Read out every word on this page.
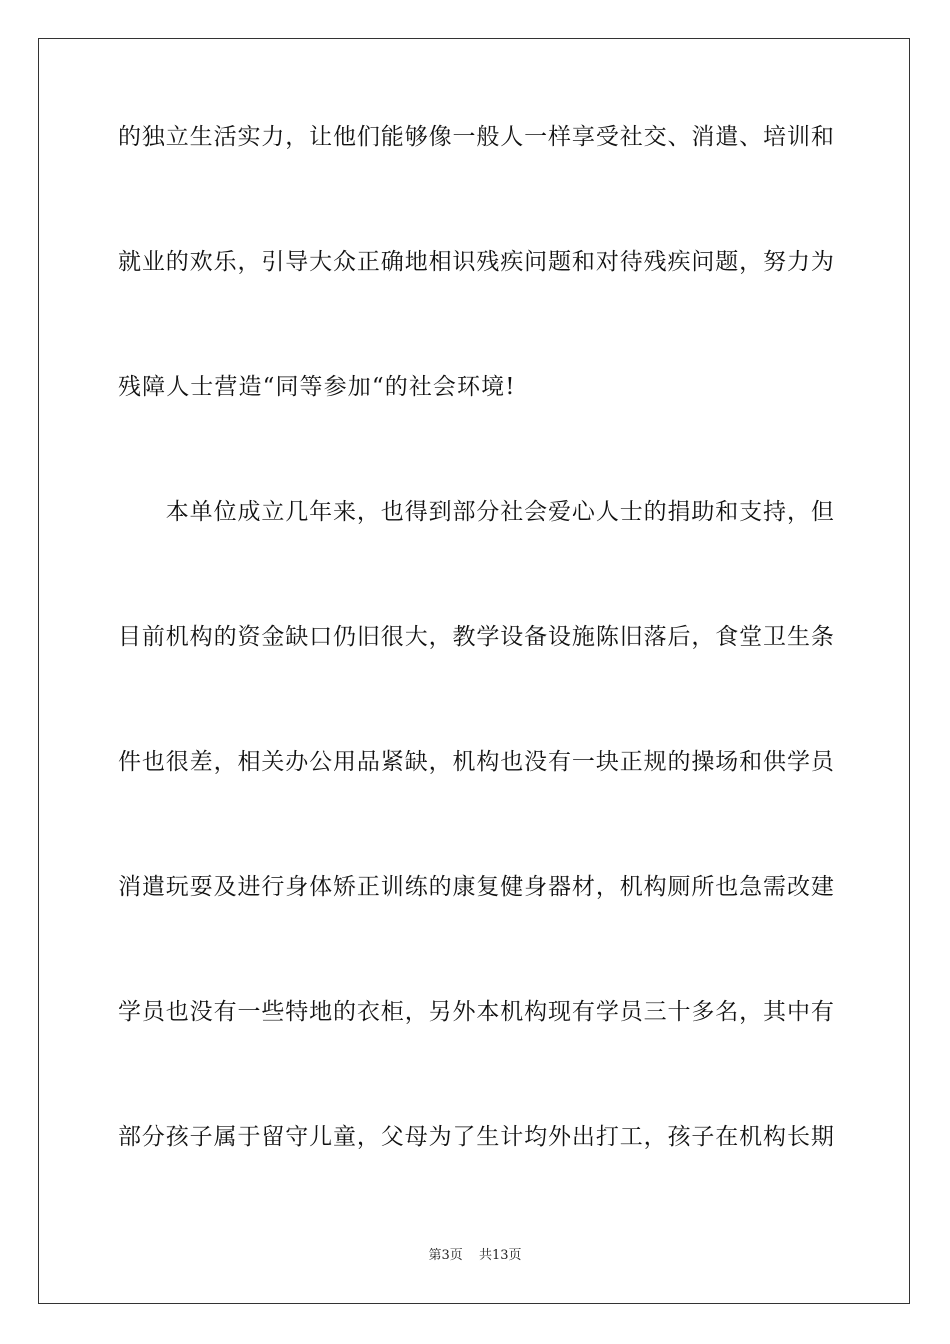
的 独 立 生 活 实 力 ， 让 他 们 能 够 像 一 般 人 一 样 享 受 社 交 、 消 遣 、 培 训 和

就 业 的 欢 乐 ， 引 导 大 众 正 确 地 相 识 残 疾 问 题 和 对 待 残 疾 问 题 ， 努 力 为

残障人士营造“同等参加“的社会环境!

本 单 位 成 立 几 年 来 ， 也 得 到 部 分 社 会 爱 心 人 士 的 捐 助 和 支 持 ， 但

目 前 机 构 的 资 金 缺 口 仍 旧 很 大 ， 教 学 设 备 设 施 陈 旧 落 后 ， 食 堂 卫 生 条

件 也 很 差 ， 相 关 办 公 用 品 紧 缺 ， 机 构 也 没 有 一 块 正 规 的 操 场 和 供 学 员

消 遣 玩 耍 及 进 行 身 体 矫 正 训 练 的 康 复 健 身 器 材 ， 机 构 厕 所 也 急 需 改 建

学 员 也 没 有 一 些 特 地 的 衣 柜 ， 另 外 本 机 构 现 有 学 员 三 十 多 名 ， 其 中 有

部 分 孩 子 属 于 留 守 儿 童 ， 父 母 为 了 生 计 均 外 出 打 工 ， 孩 子 在 机 构 长 期

第3页 共13页
